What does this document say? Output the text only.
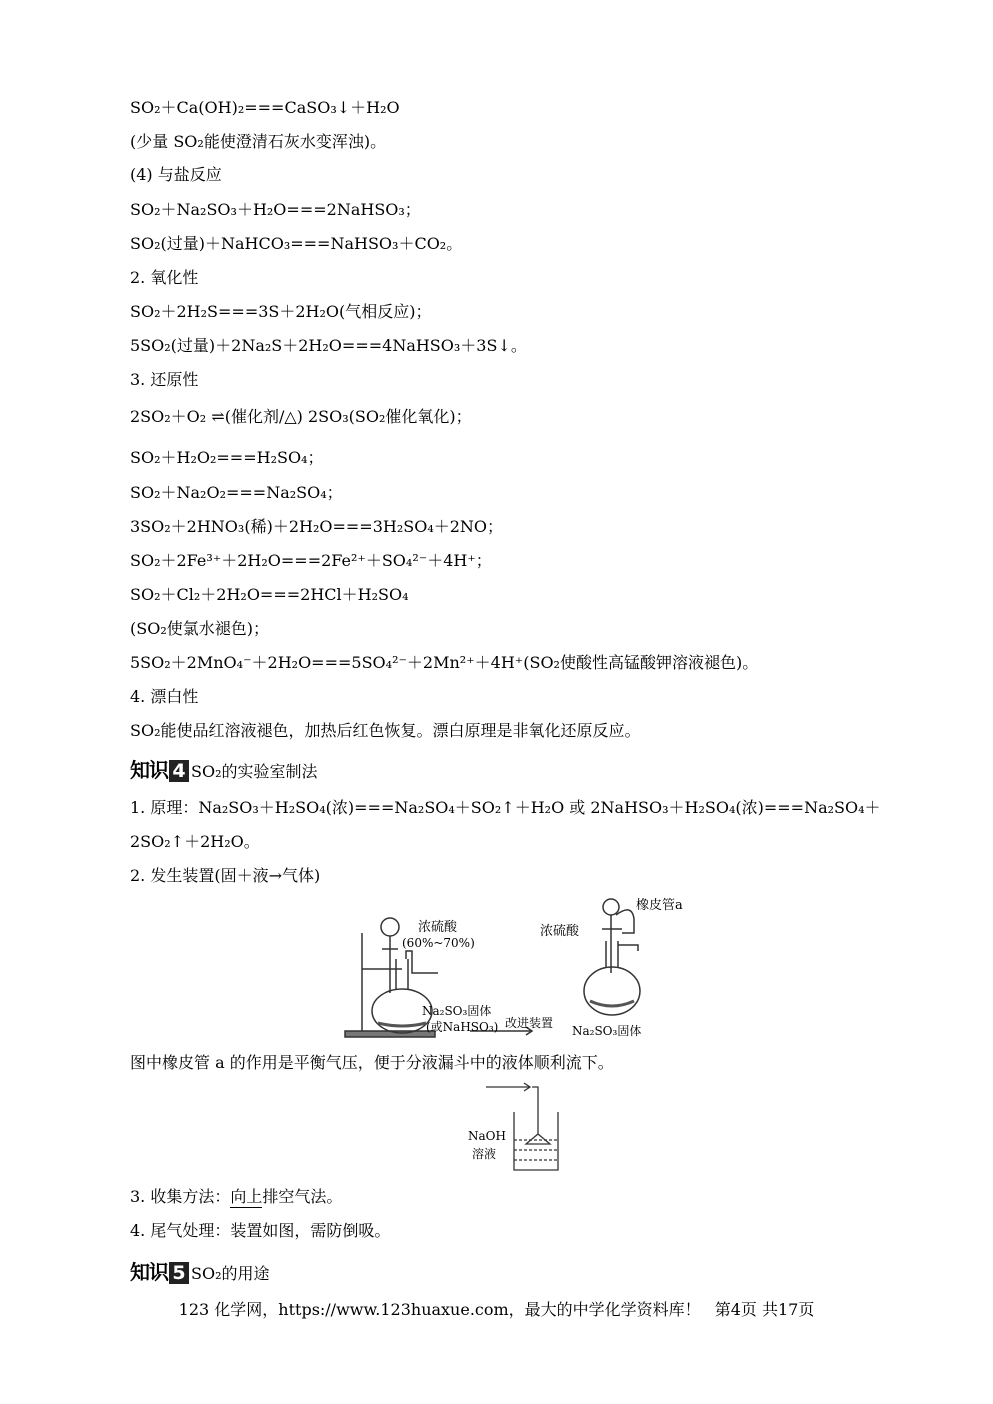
SO₂＋Ca(OH)₂===CaSO₃↓＋H₂O
(少量 SO₂能使澄清石灰水变浑浊)。
(4) 与盐反应
SO₂＋Na₂SO₃＋H₂O===2NaHSO₃；
SO₂(过量)＋NaHCO₃===NaHSO₃＋CO₂。
2. 氧化性
SO₂＋2H₂S===3S＋2H₂O(气相反应)；
5SO₂(过量)＋2Na₂S＋2H₂O===4NaHSO₃＋3S↓。
3. 还原性
2SO₂＋O₂ ⇌(催化剂/△) 2SO₃(SO₂催化氧化)；
SO₂＋H₂O₂===H₂SO₄；
SO₂＋Na₂O₂===Na₂SO₄；
3SO₂＋2HNO₃(稀)＋2H₂O===3H₂SO₄＋2NO；
SO₂＋2Fe³⁺＋2H₂O===2Fe²⁺＋SO₄²⁻＋4H⁺；
SO₂＋Cl₂＋2H₂O===2HCl＋H₂SO₄
(SO₂使氯水褪色)；
5SO₂＋2MnO₄⁻＋2H₂O===5SO₄²⁻＋2Mn²⁺＋4H⁺(SO₂使酸性高锰酸钾溶液褪色)。
4. 漂白性
SO₂能使品红溶液褪色，加热后红色恢复。漂白原理是非氧化还原反应。
知识 4 SO₂的实验室制法
1. 原理：Na₂SO₃＋H₂SO₄(浓)===Na₂SO₄＋SO₂↑＋H₂O 或 2NaHSO₃＋H₂SO₄(浓)===Na₂SO₄＋
2SO₂↑＋2H₂O。
2. 发生装置(固＋液→气体)
浓硫酸
(60%~70%)
Na₂SO₃固体
(或NaHSO₃) 改进装置
浓硫酸
橡皮管a
Na₂SO₃固体
图中橡皮管 a 的作用是平衡气压，便于分液漏斗中的液体顺利流下。
NaOH
溶液
3. 收集方法：向上排空气法。
4. 尾气处理：装置如图，需防倒吸。
知识 5 SO₂的用途
123 化学网，https://www.123huaxue.com，最大的中学化学资料库！ 第4页 共17页
